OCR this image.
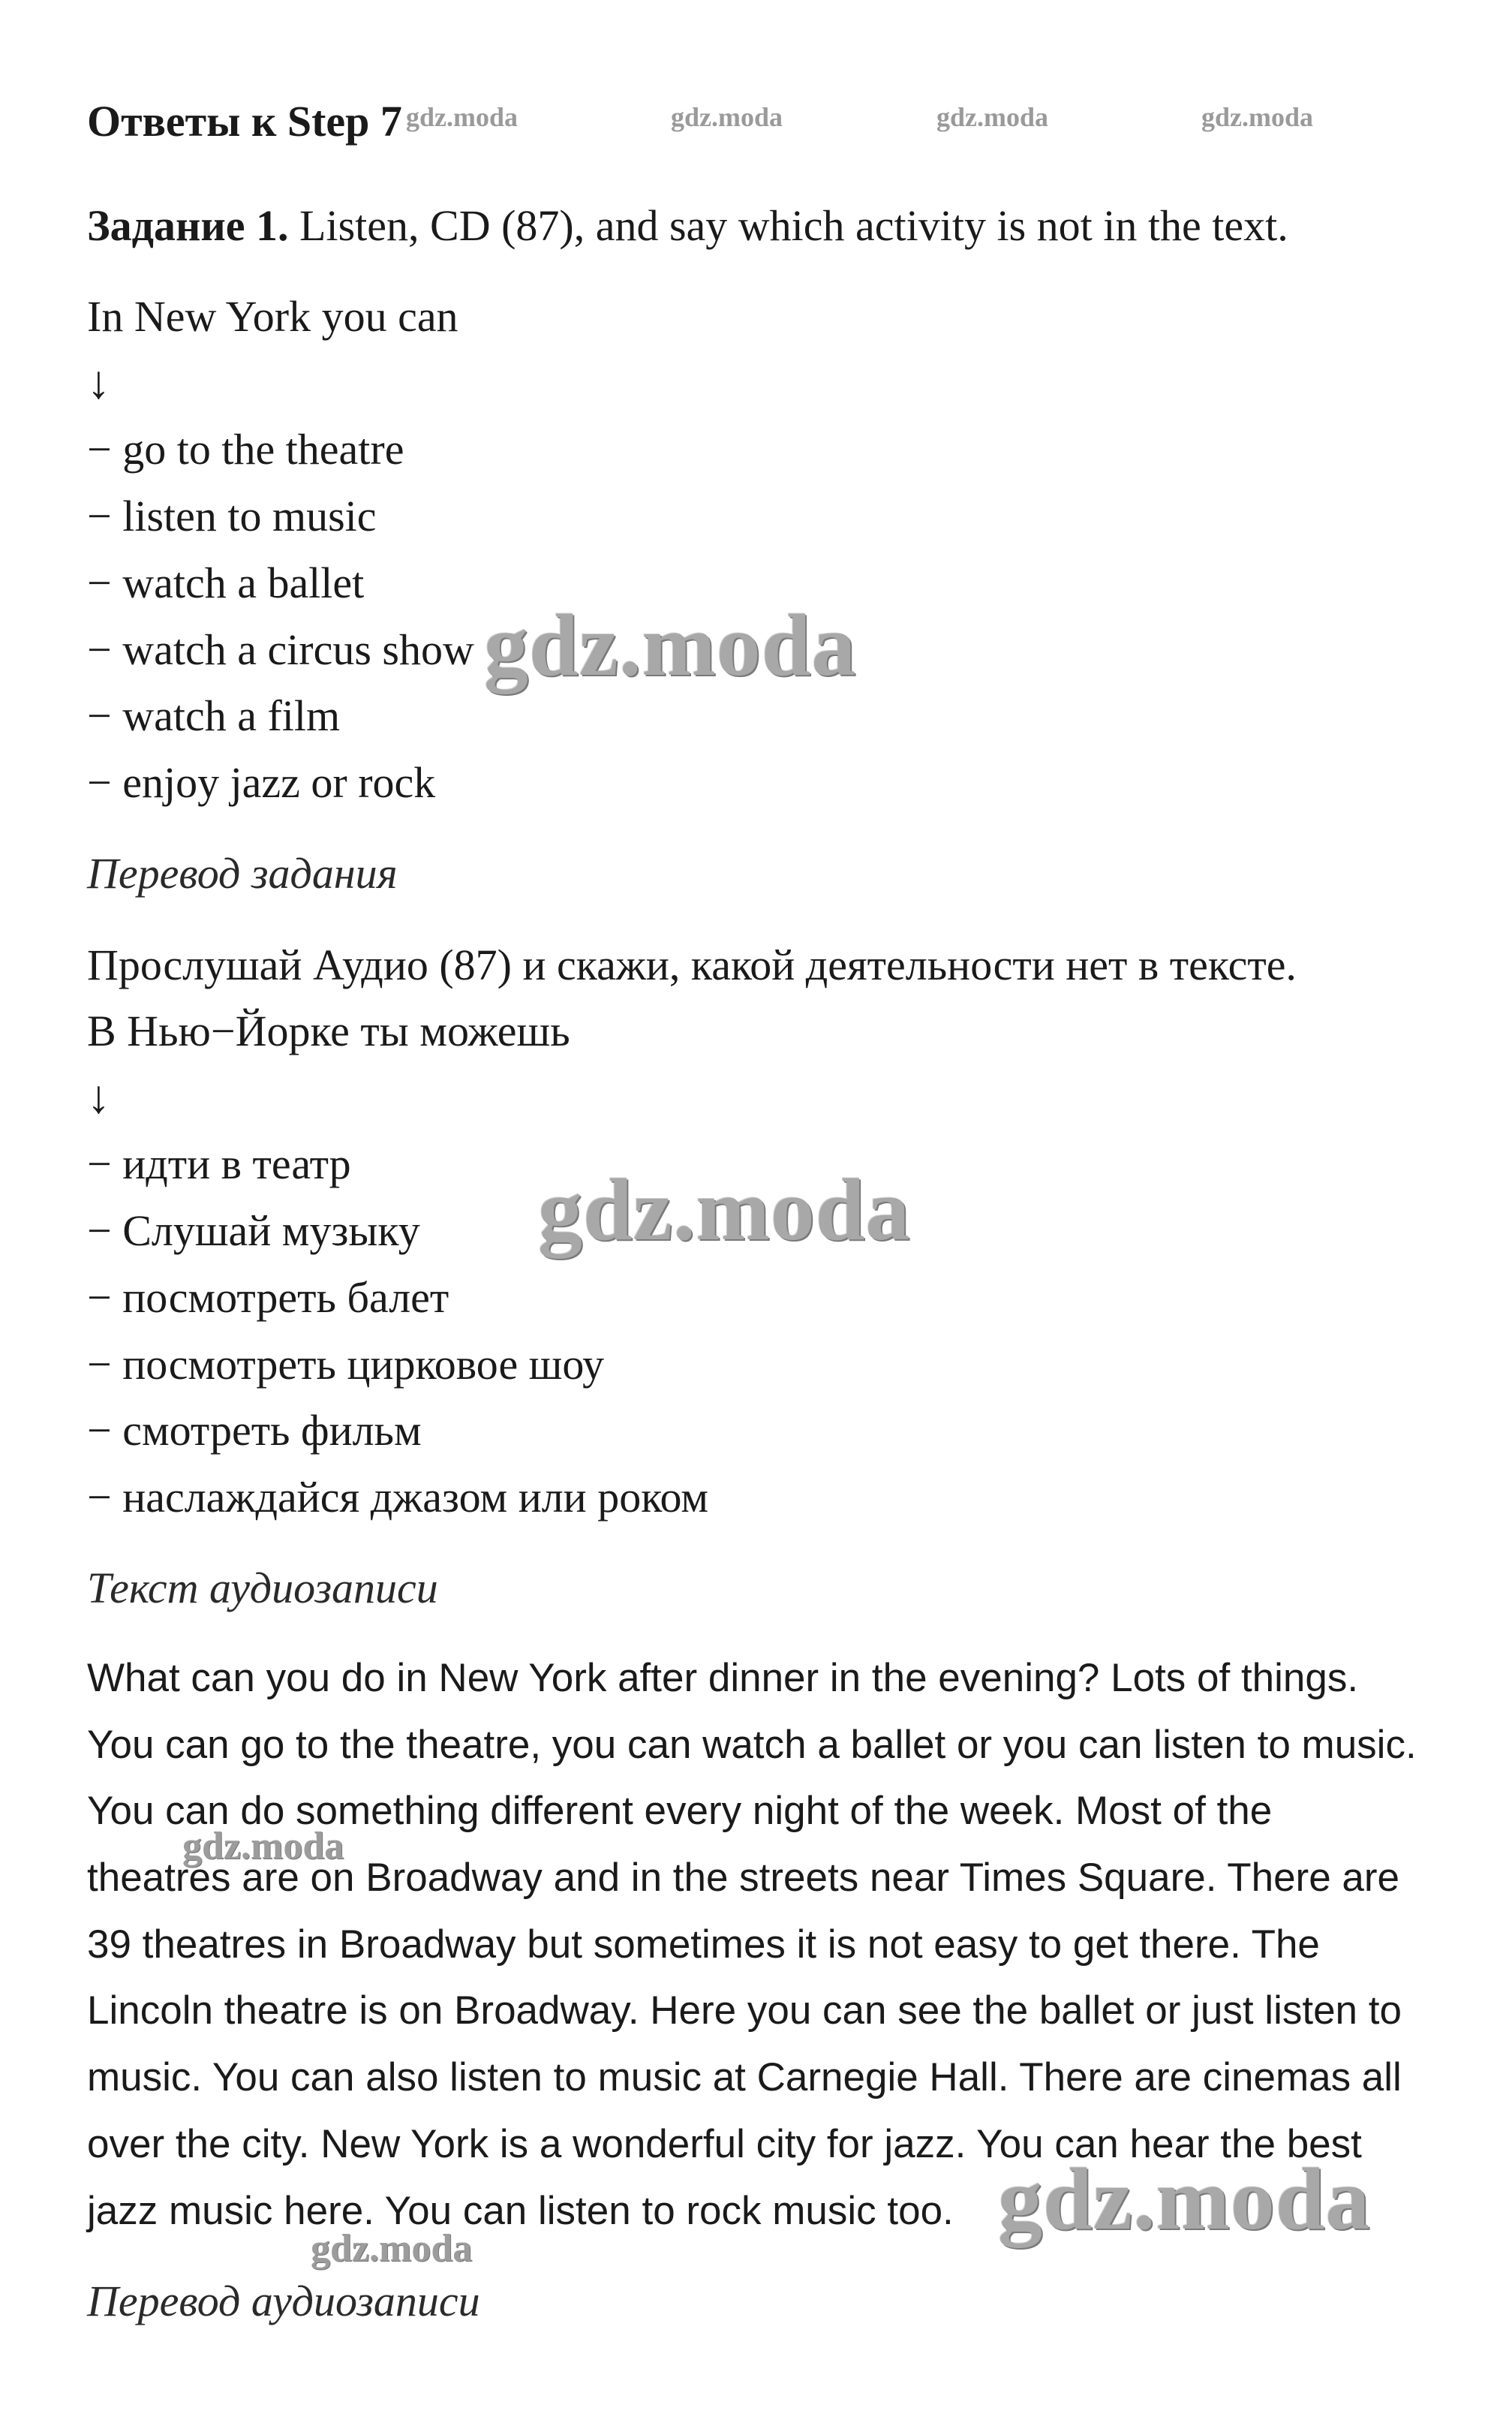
Ответы к Step 7 gdz.moda	gdz.moda	gdz.moda	gdz.moda
Задание 1. Listen, CD (87), and say which activity is not in the text.
In New York you can
↓
− go to the theatre
− listen to music
− watch a ballet
− watch a circus show
− watch a film
− enjoy jazz or rock
gdz.moda
Перевод задания
Прослушай Аудио (87) и скажи, какой деятельности нет в тексте.
В Нью−Йорке ты можешь
↓
− идти в театр
− Слушай музыку
− посмотреть балет
− посмотреть цирковое шоу
− смотреть фильм
− наслаждайся джазом или роком
gdz.moda
Текст аудиозаписи
What can you do in New York after dinner in the evening? Lots of things.
You can go to the theatre, you can watch a ballet or you can listen to music.
You can do something different every night of the week. Most of the
theatres are on Broadway and in the streets near Times Square. There are
39 theatres in Broadway but sometimes it is not easy to get there. The
Lincoln theatre is on Broadway. Here you can see the ballet or just listen to
music. You can also listen to music at Carnegie Hall. There are cinemas all
over the city. New York is a wonderful city for jazz. You can hear the best
jazz music here. You can listen to rock music too.
gdz.moda
gdz.moda
gdz.moda
Перевод аудиозаписи
